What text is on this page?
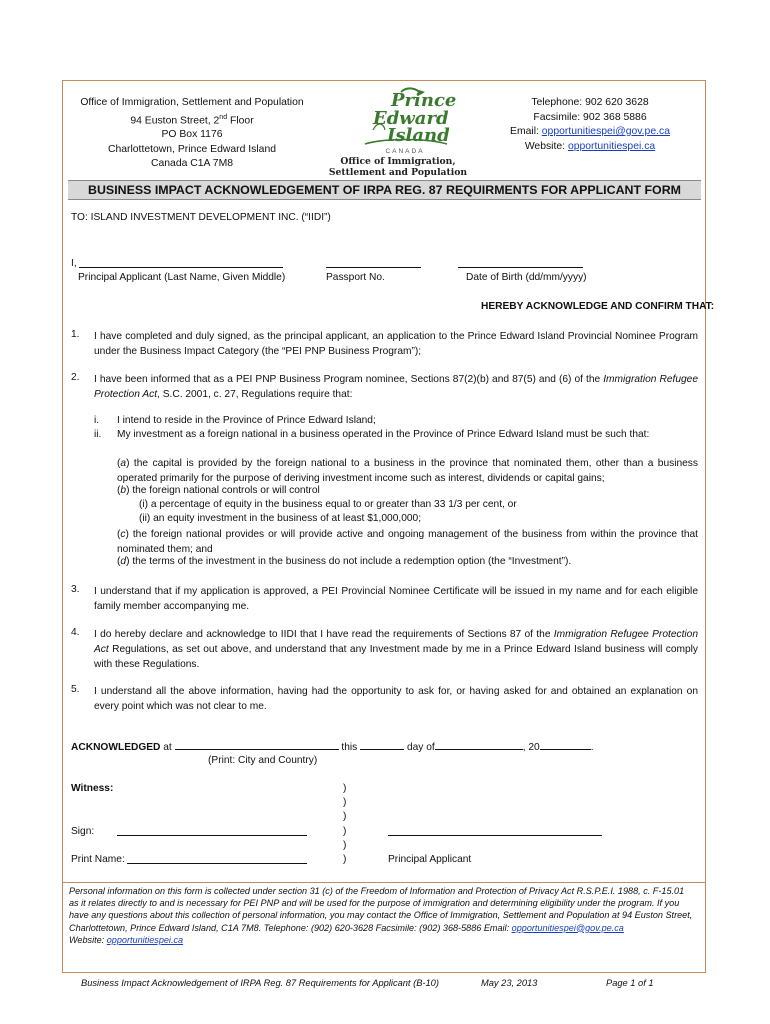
Office of Immigration, Settlement and Population
94 Euston Street, 2nd Floor
PO Box 1176
Charlottetown, Prince Edward Island
Canada C1A 7M8
Prince
Edward
Island
CANADA
Office of Immigration,
Settlement and Population
Telephone: 902 620 3628
Facsimile: 902 368 5886
Email: opportunitiespei@gov.pe.ca
Website: opportunitiespei.ca
BUSINESS IMPACT ACKNOWLEDGEMENT OF IRPA REG. 87 REQUIRMENTS FOR APPLICANT FORM
TO: ISLAND INVESTMENT DEVELOPMENT INC. (“IIDI”)
I,
Principal Applicant (Last Name, Given Middle)	Passport No.	Date of Birth (dd/mm/yyyy)
HEREBY ACKNOWLEDGE AND CONFIRM THAT:
1. I have completed and duly signed, as the principal applicant, an application to the Prince Edward Island Provincial Nominee Program under the Business Impact Category (the “PEI PNP Business Program”);
2. I have been informed that as a PEI PNP Business Program nominee, Sections 87(2)(b) and 87(5) and (6) of the Immigration Refugee Protection Act, S.C. 2001, c. 27, Regulations require that:
i. I intend to reside in the Province of Prince Edward Island;
ii. My investment as a foreign national in a business operated in the Province of Prince Edward Island must be such that:
(a) the capital is provided by the foreign national to a business in the province that nominated them, other than a business operated primarily for the purpose of deriving investment income such as interest, dividends or capital gains;
(b) the foreign national controls or will control
(i) a percentage of equity in the business equal to or greater than 33 1/3 per cent, or
(ii) an equity investment in the business of at least $1,000,000;
(c) the foreign national provides or will provide active and ongoing management of the business from within the province that nominated them; and
(d) the terms of the investment in the business do not include a redemption option (the “Investment”).
3. I understand that if my application is approved, a PEI Provincial Nominee Certificate will be issued in my name and for each eligible family member accompanying me.
4. I do hereby declare and acknowledge to IIDI that I have read the requirements of Sections 87 of the Immigration Refugee Protection Act Regulations, as set out above, and understand that any Investment made by me in a Prince Edward Island business will comply with these Regulations.
5. I understand all the above information, having had the opportunity to ask for, or having asked for and obtained an explanation on every point which was not clear to me.
ACKNOWLEDGED at	this	day of	, 20	.
(Print: City and Country)
Witness:	)
)
)
)
)
)
Sign:
Print Name:	Principal Applicant
Personal information on this form is collected under section 31 (c) of the Freedom of Information and Protection of Privacy Act R.S.P.E.I. 1988, c. F-15.01 as it relates directly to and is necessary for PEI PNP and will be used for the purpose of immigration and determining eligibility under the program. If you have any questions about this collection of personal information, you may contact the Office of Immigration, Settlement and Population at 94 Euston Street, Charlottetown, Prince Edward Island, C1A 7M8. Telephone: (902) 620-3628 Facsimile: (902) 368-5886 Email: opportunitiespei@gov.pe.ca
Website: opportunitiespei.ca
Business Impact Acknowledgement of IRPA Reg. 87 Requirements for Applicant (B-10)	May 23, 2013	Page 1 of 1
